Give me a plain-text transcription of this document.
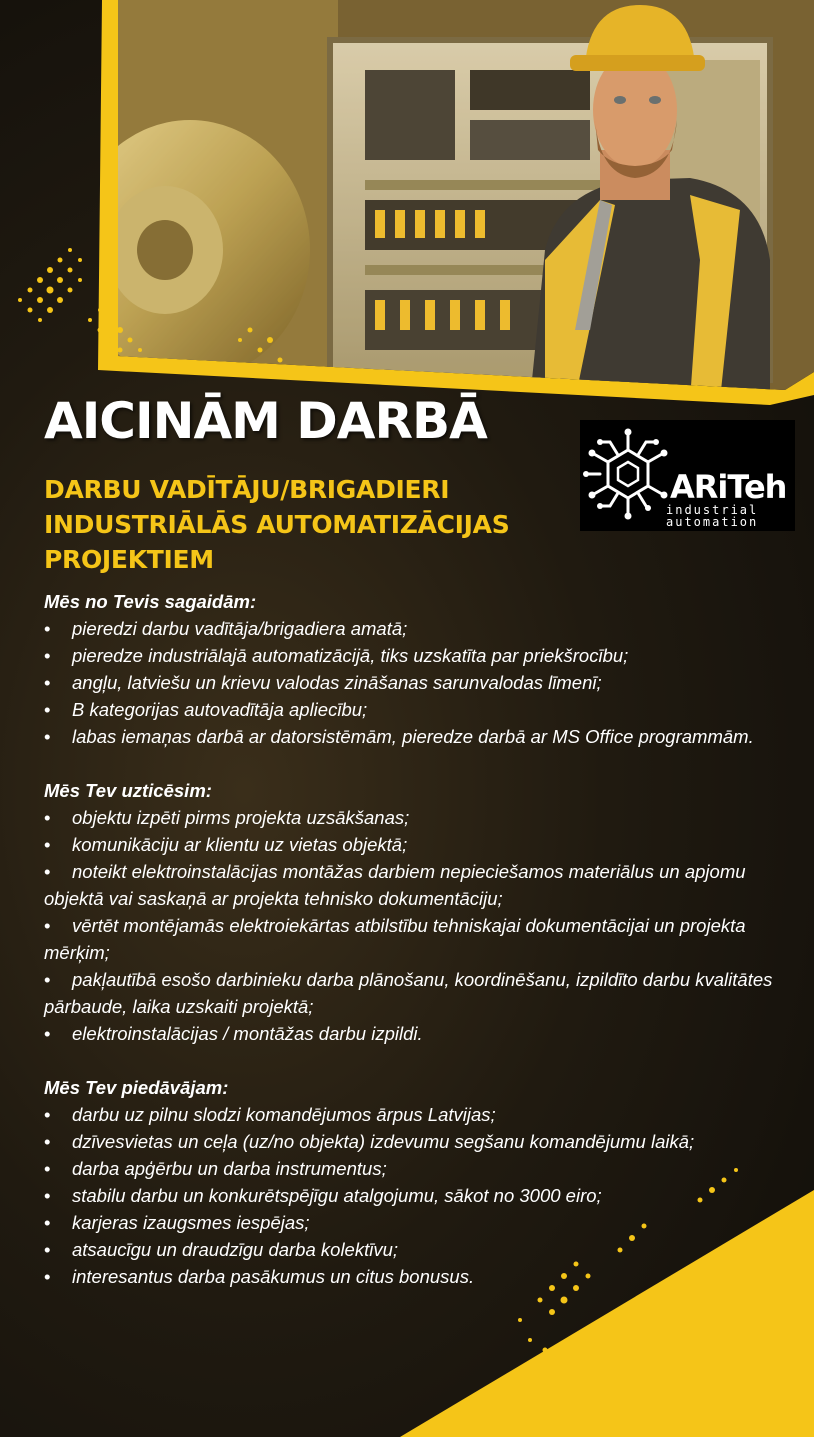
AICINĀM DARBĀ
DARBU VADĪTĀJU/BRIGADIERI
INDUSTRIĀLĀS AUTOMATIZĀCIJAS
PROJEKTIEM
ARiTeh
industrial
automation
Mēs no Tevis sagaidām:
• pieredzi darbu vadītāja/brigadiera amatā;
• pieredze industriālajā automatizācijā, tiks uzskatīta par priekšrocību;
• angļu, latviešu un krievu valodas zināšanas sarunvalodas līmenī;
• B kategorijas autovadītāja apliecību;
• labas iemaņas darbā ar datorsistēmām, pieredze darbā ar MS Office programmām.
Mēs Tev uzticēsim:
• objektu izpēti pirms projekta uzsākšanas;
• komunikāciju ar klientu uz vietas objektā;
• noteikt elektroinstalācijas montāžas darbiem nepieciešamos materiālus un apjomu objektā vai saskaņā ar projekta tehnisko dokumentāciju;
• vērtēt montējamās elektroiekārtas atbilstību tehniskajai dokumentācijai un projekta mērķim;
• pakļautībā esošo darbinieku darba plānošanu, koordinēšanu, izpildīto darbu kvalitātes pārbaude, laika uzskaiti projektā;
• elektroinstalācijas / montāžas darbu izpildi.
Mēs Tev piedāvājam:
• darbu uz pilnu slodzi komandējumos ārpus Latvijas;
• dzīvesvietas un ceļa (uz/no objekta) izdevumu segšanu komandējumu laikā;
• darba apģērbu un darba instrumentus;
• stabilu darbu un konkurētspējīgu atalgojumu, sākot no 3000 eiro;
• karjeras izaugsmes iespējas;
• atsaucīgu un draudzīgu darba kolektīvu;
• interesantus darba pasākumus un citus bonusus.
